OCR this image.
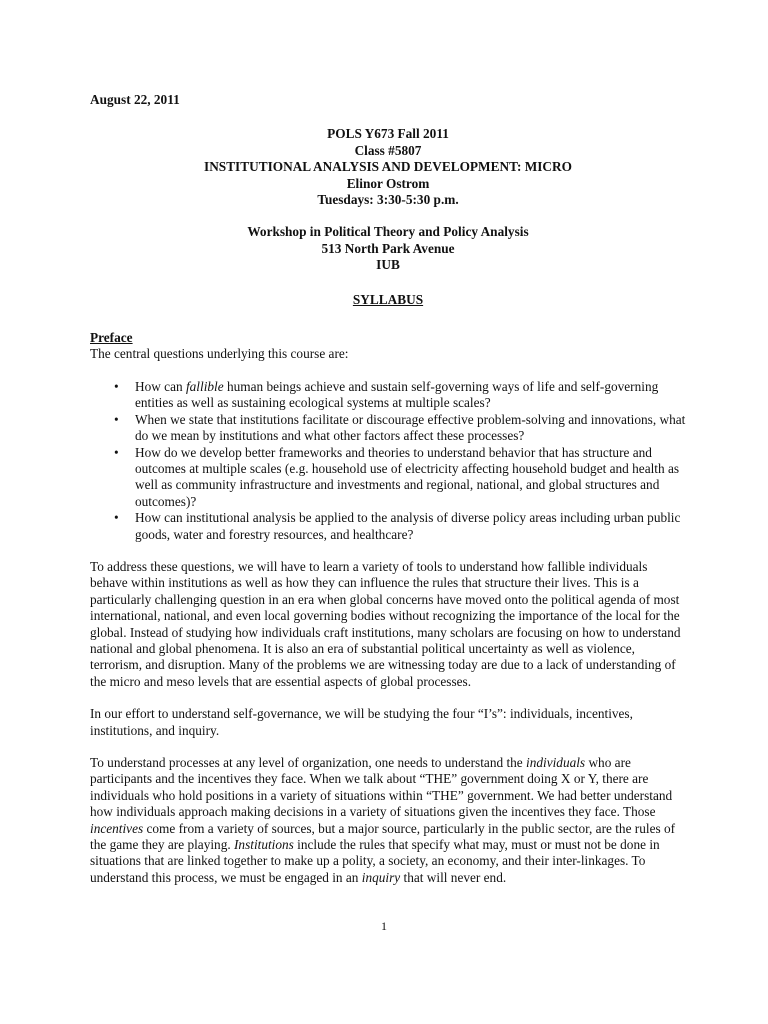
August 22, 2011

POLS Y673 Fall 2011
Class #5807
INSTITUTIONAL ANALYSIS AND DEVELOPMENT: MICRO
Elinor Ostrom
Tuesdays: 3:30-5:30 p.m.
Workshop in Political Theory and Policy Analysis
513 North Park Avenue
IUB
SYLLABUS
Preface

The central questions underlying this course are:

• How can fallible human beings achieve and sustain self-governing ways of life and self-governing entities as well as sustaining ecological systems at multiple scales?
• When we state that institutions facilitate or discourage effective problem-solving and innovations, what do we mean by institutions and what other factors affect these processes?
• How do we develop better frameworks and theories to understand behavior that has structure and outcomes at multiple scales (e.g. household use of electricity affecting household budget and health as well as community infrastructure and investments and regional, national, and global structures and outcomes)?
• How can institutional analysis be applied to the analysis of diverse policy areas including urban public goods, water and forestry resources, and healthcare?

To address these questions, we will have to learn a variety of tools to understand how fallible individuals behave within institutions as well as how they can influence the rules that structure their lives. This is a particularly challenging question in an era when global concerns have moved onto the political agenda of most international, national, and even local governing bodies without recognizing the importance of the local for the global. Instead of studying how individuals craft institutions, many scholars are focusing on how to understand national and global phenomena. It is also an era of substantial political uncertainty as well as violence, terrorism, and disruption. Many of the problems we are witnessing today are due to a lack of understanding of the micro and meso levels that are essential aspects of global processes.

In our effort to understand self-governance, we will be studying the four “I’s”: individuals, incentives, institutions, and inquiry.

To understand processes at any level of organization, one needs to understand the individuals who are participants and the incentives they face. When we talk about “THE” government doing X or Y, there are individuals who hold positions in a variety of situations within “THE” government. We had better understand how individuals approach making decisions in a variety of situations given the incentives they face. Those incentives come from a variety of sources, but a major source, particularly in the public sector, are the rules of the game they are playing. Institutions include the rules that specify what may, must or must not be done in situations that are linked together to make up a polity, a society, an economy, and their inter-linkages. To understand this process, we must be engaged in an inquiry that will never end.

1
